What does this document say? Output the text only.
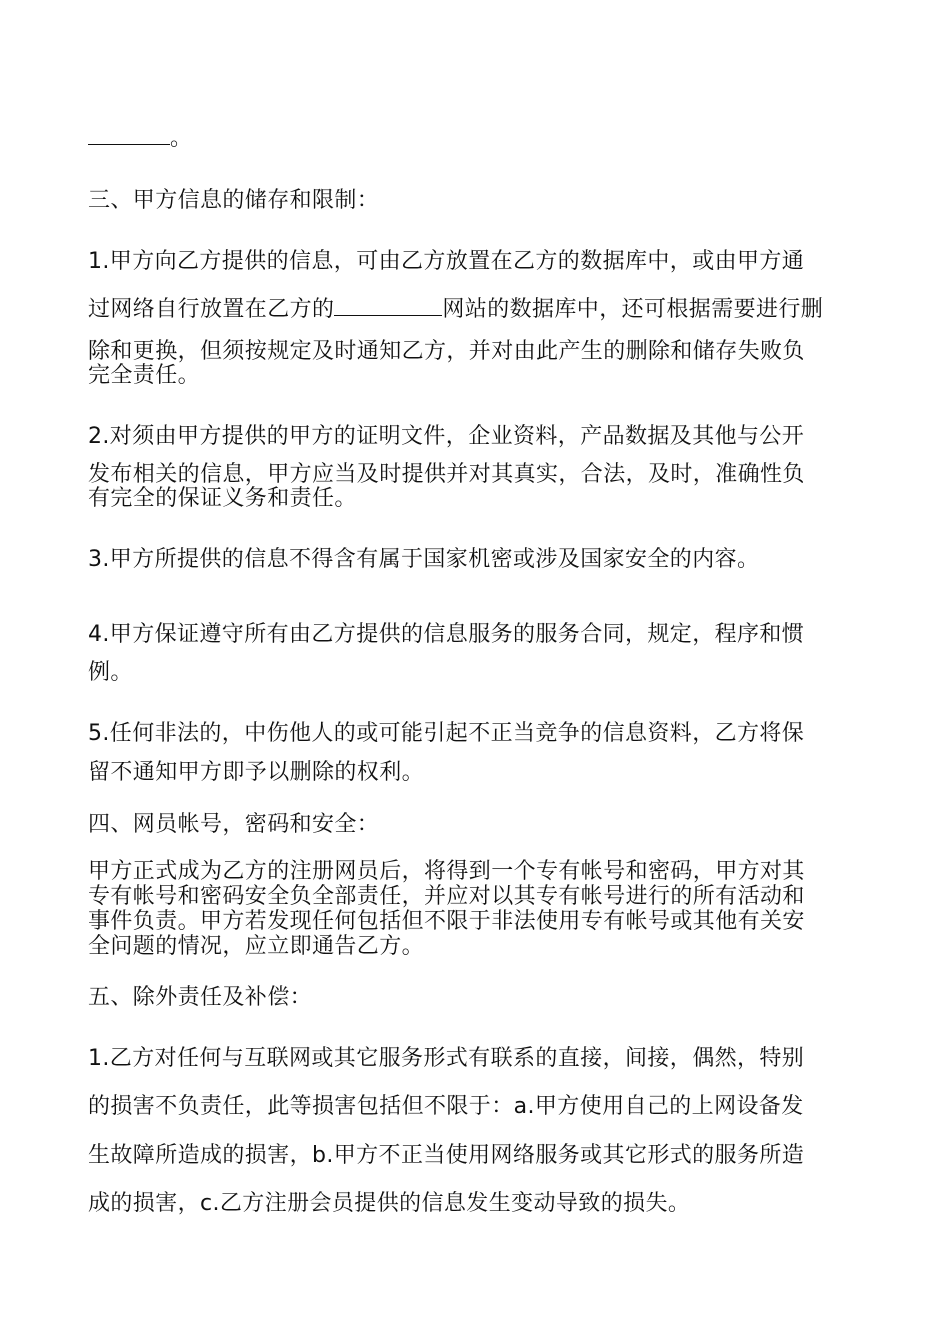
。

三、甲方信息的储存和限制：

1.甲方向乙方提供的信息，可由乙方放置在乙方的数据库中，或由甲方通

过网络自行放置在乙方的	网站的数据库中，还可根据需要进行删

除和更换，但须按规定及时通知乙方，并对由此产生的删除和储存失败负

完全责任。

2.对须由甲方提供的甲方的证明文件，企业资料，产品数据及其他与公开

发布相关的信息，甲方应当及时提供并对其真实，合法，及时，准确性负

有完全的保证义务和责任。

3.甲方所提供的信息不得含有属于国家机密或涉及国家安全的内容。

4.甲方保证遵守所有由乙方提供的信息服务的服务合同，规定，程序和惯

例。

5.任何非法的，中伤他人的或可能引起不正当竞争的信息资料，乙方将保

留不通知甲方即予以删除的权利。

四、网员帐号，密码和安全：

甲方正式成为乙方的注册网员后，将得到一个专有帐号和密码，甲方对其

专有帐号和密码安全负全部责任，并应对以其专有帐号进行的所有活动和

事件负责。甲方若发现任何包括但不限于非法使用专有帐号或其他有关安

全问题的情况，应立即通告乙方。

五、除外责任及补偿：

1.乙方对任何与互联网或其它服务形式有联系的直接，间接，偶然，特别

的损害不负责任，此等损害包括但不限于：a.甲方使用自己的上网设备发

生故障所造成的损害，b.甲方不正当使用网络服务或其它形式的服务所造

成的损害，c.乙方注册会员提供的信息发生变动导致的损失。
